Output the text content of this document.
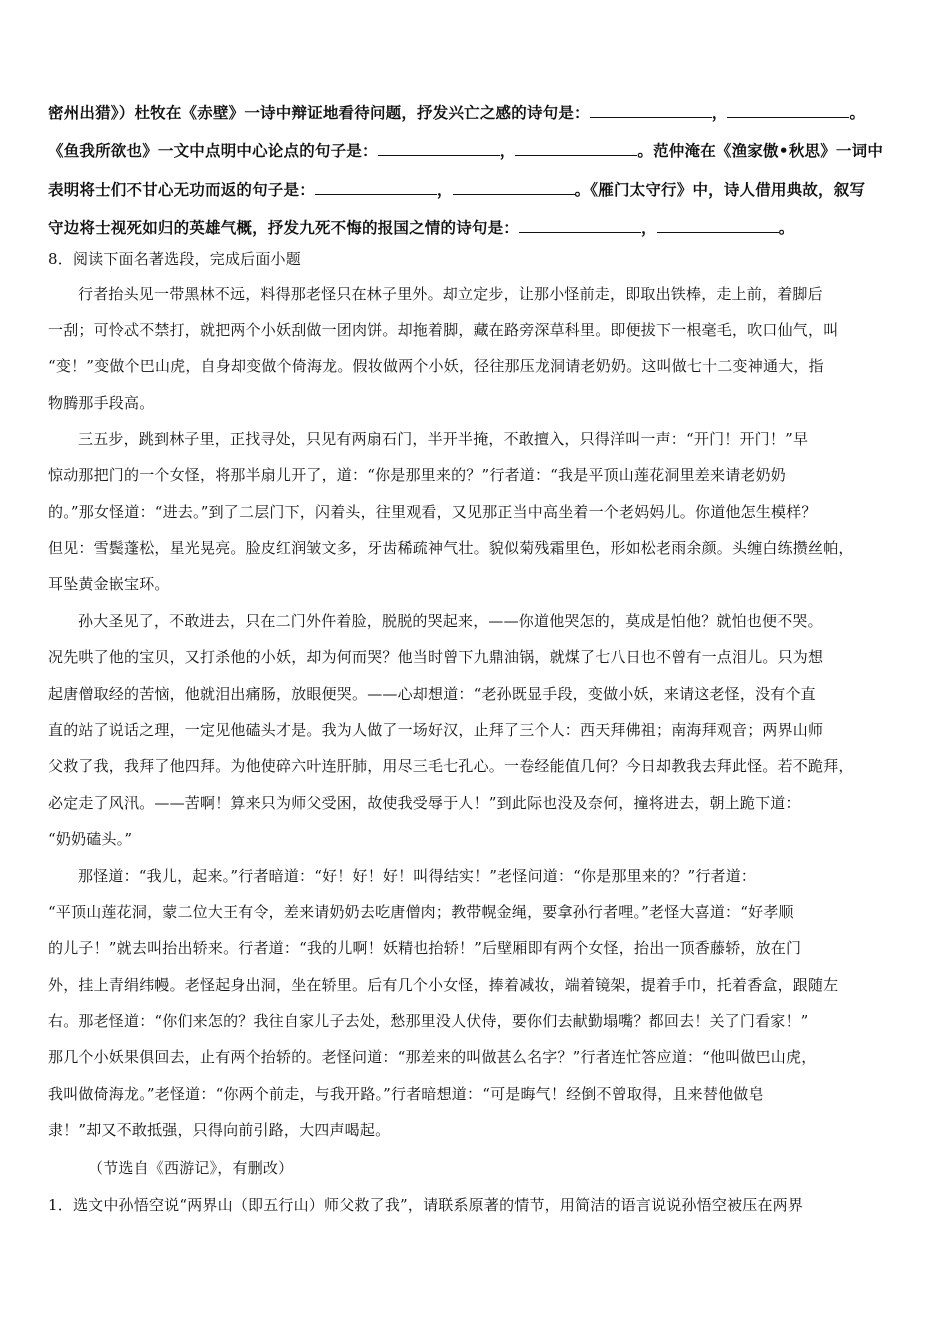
密州出猎》）杜牧在《赤壁》一诗中辩证地看待问题，抒发兴亡之感的诗句是：	，	。
《鱼我所欲也》一文中点明中心论点的句子是：	，	。范仲淹在《渔家傲•秋思》一词中
表明将士们不甘心无功而返的句子是：	，	。《雁门太守行》中，诗人借用典故，叙写
守边将士视死如归的英雄气概，抒发九死不悔的报国之情的诗句是：	，	。
8．阅读下面名著选段，完成后面小题
行者抬头见一带黑林不远，料得那老怪只在林子里外。却立定步，让那小怪前走，即取出铁棒，走上前，着脚后
一刮；可怜忒不禁打，就把两个小妖刮做一团肉饼。却拖着脚，藏在路旁深草科里。即便拔下一根毫毛，吹口仙气，叫
“变！”变做个巴山虎，自身却变做个倚海龙。假妆做两个小妖，径往那压龙洞请老奶奶。这叫做七十二变神通大，指
物腾那手段高。
三五步，跳到林子里，正找寻处，只见有两扇石门，半开半掩，不敢擅入，只得洋叫一声：“开门！开门！”早
惊动那把门的一个女怪，将那半扇儿开了，道：“你是那里来的？”行者道：“我是平顶山莲花洞里差来请老奶奶
的。”那女怪道：“进去。”到了二层门下，闪着头，往里观看，又见那正当中高坐着一个老妈妈儿。你道他怎生模样？
但见：雪鬓蓬松，星光晃亮。脸皮红润皱文多，牙齿稀疏神气壮。貌似菊残霜里色，形如松老雨余颜。头缠白练攒丝帕，
耳坠黄金嵌宝环。
孙大圣见了，不敢进去，只在二门外仵着脸，脱脱的哭起来，——你道他哭怎的，莫成是怕他？就怕也便不哭。
况先哄了他的宝贝，又打杀他的小妖，却为何而哭？他当时曾下九鼎油锅，就煤了七八日也不曾有一点泪儿。只为想
起唐僧取经的苦恼，他就泪出痛肠，放眼便哭。——心却想道：“老孙既显手段，变做小妖，来请这老怪，没有个直
直的站了说话之理，一定见他磕头才是。我为人做了一场好汉，止拜了三个人：西天拜佛祖；南海拜观音；两界山师
父救了我，我拜了他四拜。为他使碎六叶连肝肺，用尽三毛七孔心。一卷经能值几何？今日却教我去拜此怪。若不跪拜，
必定走了风汛。——苦啊！算来只为师父受困，故使我受辱于人！”到此际也没及奈何，撞将进去，朝上跪下道：
“奶奶磕头。”
那怪道：“我儿，起来。”行者暗道：“好！好！好！叫得结实！”老怪问道：“你是那里来的？”行者道：
“平顶山莲花洞，蒙二位大王有令，差来请奶奶去吃唐僧肉；教带幌金绳，要拿孙行者哩。”老怪大喜道：“好孝顺
的儿子！”就去叫抬出轿来。行者道：“我的儿啊！妖精也抬轿！”后壁厢即有两个女怪，抬出一顶香藤轿，放在门
外，挂上青绢纬幔。老怪起身出洞，坐在轿里。后有几个小女怪，捧着减妆，端着镜架，提着手巾，托着香盒，跟随左
右。那老怪道：“你们来怎的？我往自家儿子去处，愁那里没人伏侍，要你们去献勤塌嘴？都回去！关了门看家！”
那几个小妖果俱回去，止有两个抬轿的。老怪问道：“那差来的叫做甚么名字？”行者连忙答应道：“他叫做巴山虎，
我叫做倚海龙。”老怪道：“你两个前走，与我开路。”行者暗想道：“可是晦气！经倒不曾取得，且来替他做皂
隶！”却又不敢抵强，只得向前引路，大四声喝起。
（节选自《西游记》，有删改）
1．选文中孙悟空说“两界山（即五行山）师父救了我”，请联系原著的情节，用简洁的语言说说孙悟空被压在两界
